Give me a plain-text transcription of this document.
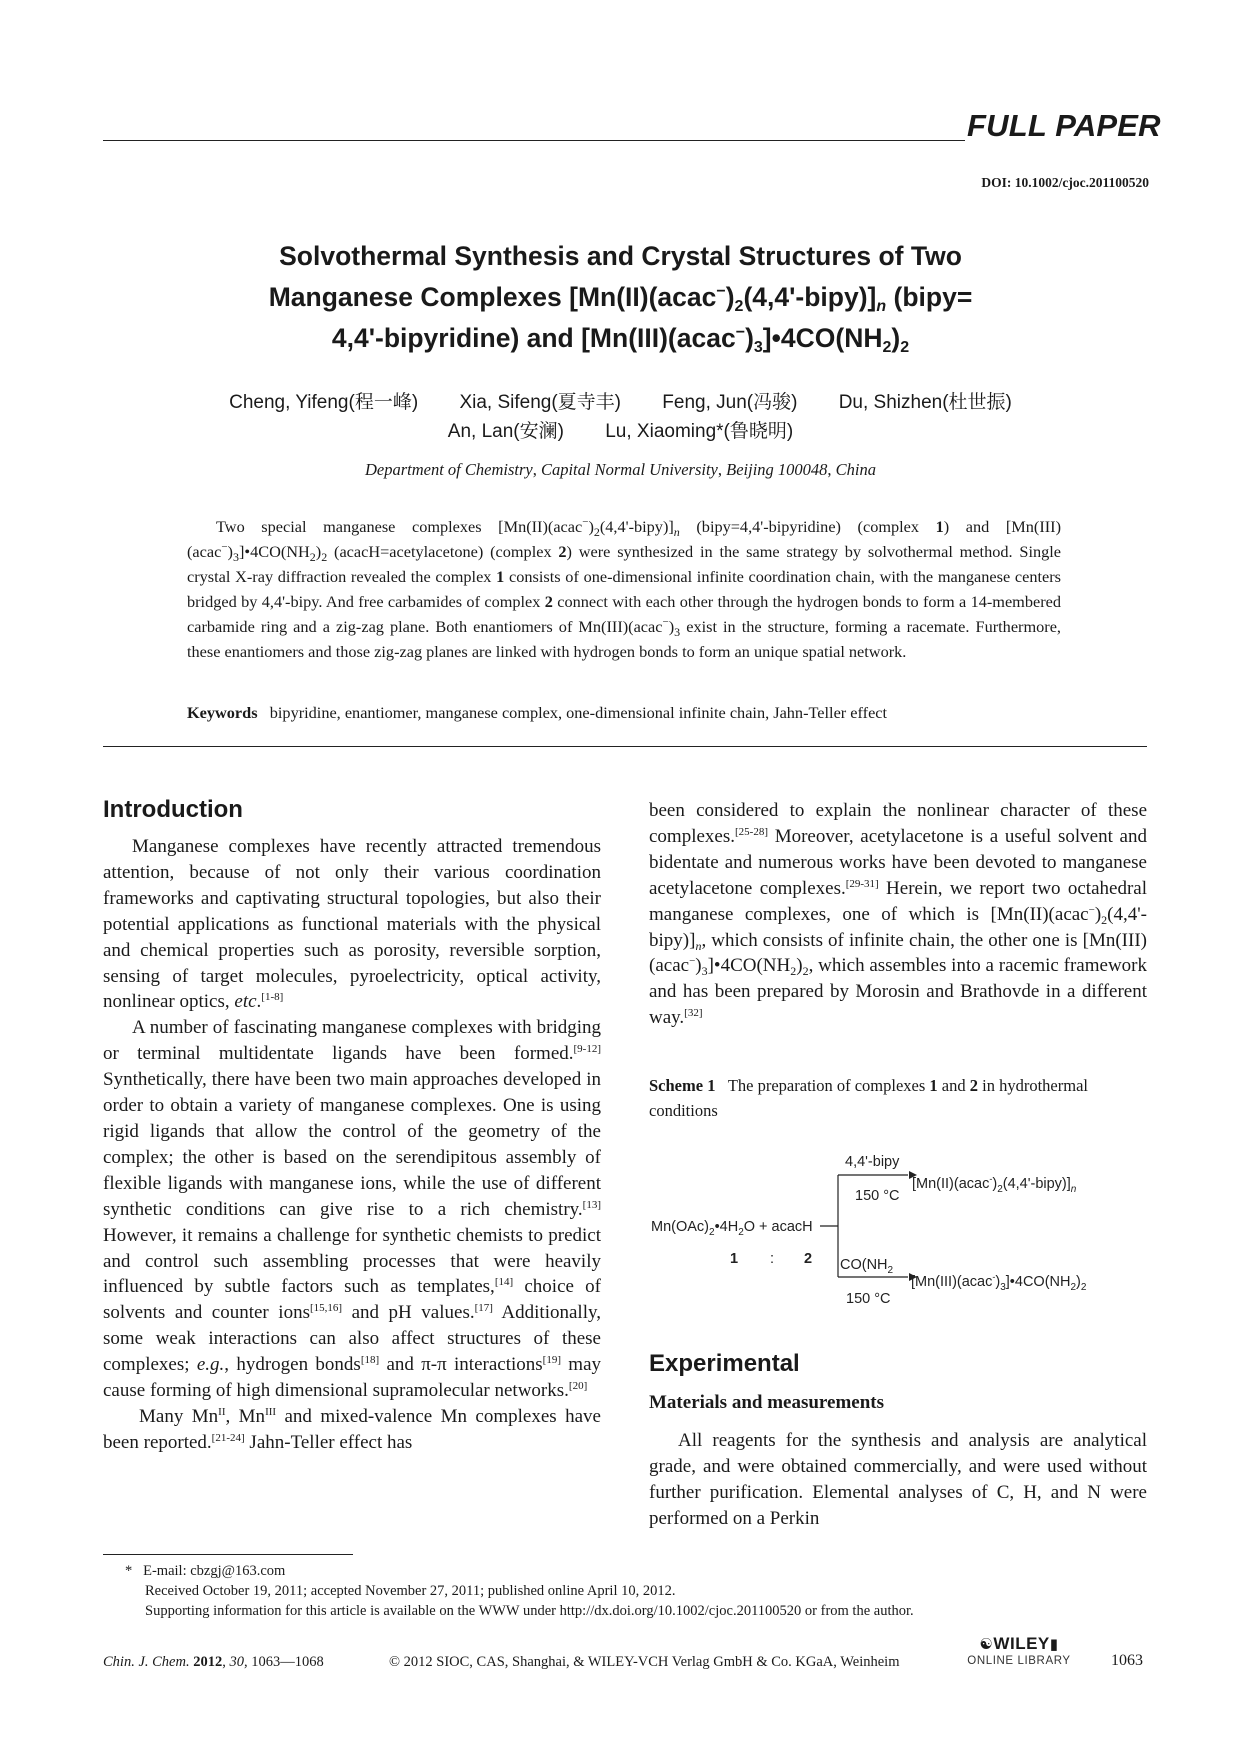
FULL PAPER
DOI: 10.1002/cjoc.201100520
Solvothermal Synthesis and Crystal Structures of Two
Manganese Complexes $[Mn(II)(acac^-)_2(4,4'-bipy)]_n$ (bipy=
4,4'-bipyridine) and $[Mn(III)(acac^-)_3]•4CO(NH_2)_2$
Cheng, Yifeng(程一峰) Xia, Sifeng(夏寺丰) Feng, Jun(冯骏) Du, Shizhen(杜世振)
An, Lan(安澜) Lu, Xiaoming*(鲁晓明)
Department of Chemistry, Capital Normal University, Beijing 100048, China
Two special manganese complexes $[Mn(II)(acac^-)_2(4,4'-bipy)]_n$ (bipy=4,4'-bipyridine) (complex 1) and $[Mn(III)(acac^-)_3]•4CO(NH_2)_2$ (acacH=acetylacetone) (complex 2) were synthesized in the same strategy by solvothermal method. Single crystal X-ray diffraction revealed the complex 1 consists of one-dimensional infinite coordination chain, with the manganese centers bridged by 4,4'-bipy. And free carbamides of complex 2 connect with each other through the hydrogen bonds to form a 14-membered carbamide ring and a zig-zag plane. Both enantiomers of $Mn(III)(acac^-)_3$ exist in the structure, forming a racemate. Furthermore, these enantiomers and those zig-zag planes are linked with hydrogen bonds to form an unique spatial network.
Keywords bipyridine, enantiomer, manganese complex, one-dimensional infinite chain, Jahn-Teller effect
Introduction

Manganese complexes have recently attracted tremendous attention, because of not only their various coordination frameworks and captivating structural topologies, but also their potential applications as functional materials with the physical and chemical properties such as porosity, reversible sorption, sensing of target molecules, pyroelectricity, optical activity, nonlinear optics, etc.[1-8]

A number of fascinating manganese complexes with bridging or terminal multidentate ligands have been formed.[9-12] Synthetically, there have been two main approaches developed in order to obtain a variety of manganese complexes. One is using rigid ligands that allow the control of the geometry of the complex; the other is based on the serendipitous assembly of flexible ligands with manganese ions, while the use of different synthetic conditions can give rise to a rich chemistry.[13] However, it remains a challenge for synthetic chemists to predict and control such assembling processes that were heavily influenced by subtle factors such as templates,[14] choice of solvents and counter ions[15,16] and pH values.[17] Additionally, some weak interactions can also affect structures of these complexes; e.g., hydrogen bonds[18] and π-π interactions[19] may cause forming of high dimensional supramolecular networks.[20]

Many $Mn^{II}$, $Mn^{III}$ and mixed-valence Mn complexes have been reported.[21-24] Jahn-Teller effect has

been considered to explain the nonlinear character of these complexes.[25-28] Moreover, acetylacetone is a useful solvent and bidentate and numerous works have been devoted to manganese acetylacetone complexes.[29-31] Herein, we report two octahedral manganese complexes, one of which is $[Mn(II)(acac^-)_2(4,4'-bipy)]_n$, which consists of infinite chain, the other one is $[Mn(III)(acac^-)_3]•4CO(NH_2)_2$, which assembles into a racemic framework and has been prepared by Morosin and Brathovde in a different way.[32]

Scheme 1 The preparation of complexes 1 and 2 in hydrothermal conditions
$Mn(OAc)_2•4H_2O$ + acacH
1 : 2
4,4'-bipy
150 °C
$[Mn(II)(acac^-)_2(4,4'-bipy)]_n$
$CO(NH_2$
150 °C
$[Mn(III)(acac^-)_3]•4CO(NH_2)_2$
Experimental
Materials and measurements

All reagents for the synthesis and analysis are analytical grade, and were obtained commercially, and were used without further purification. Elemental analyses of C, H, and N were performed on a Perkin

* E-mail: cbzgj@163.com
Received October 19, 2011; accepted November 27, 2011; published online April 10, 2012.
Supporting information for this article is available on the WWW under http://dx.doi.org/10.1002/cjoc.201100520 or from the author.
Chin. J. Chem. 2012, 30, 1063—1068	© 2012 SIOC, CAS, Shanghai, & WILEY-VCH Verlag GmbH & Co. KGaA, Weinheim
☯WILEY▮
ONLINE LIBRARY	1063
